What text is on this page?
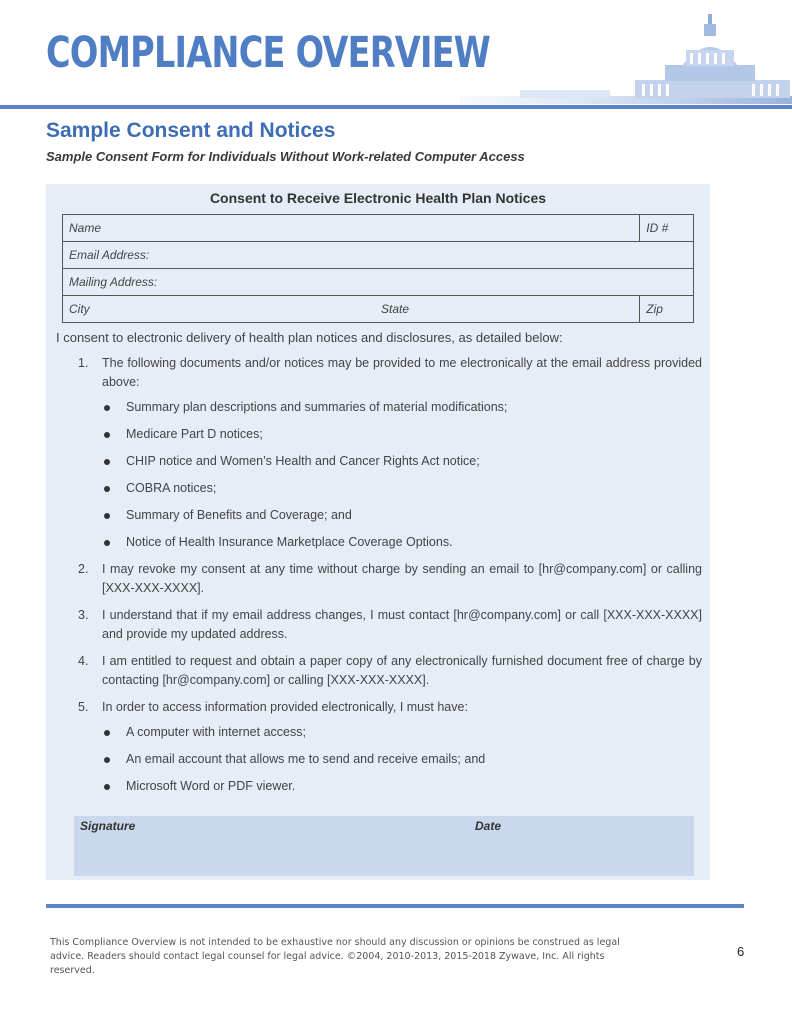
COMPLIANCE OVERVIEW
Sample Consent and Notices

Sample Consent Form for Individuals Without Work-related Computer Access

Consent to Receive Electronic Health Plan Notices
Name		ID #
Email Address:		
Mailing Address:		
City	State	Zip

I consent to electronic delivery of health plan notices and disclosures, as detailed below:

1. The following documents and/or notices may be provided to me electronically at the email address provided above:
Summary plan descriptions and summaries of material modifications;
Medicare Part D notices;
CHIP notice and Women’s Health and Cancer Rights Act notice;
COBRA notices;
Summary of Benefits and Coverage; and
Notice of Health Insurance Marketplace Coverage Options.
2. I may revoke my consent at any time without charge by sending an email to [hr@company.com] or calling [XXX-XXX-XXXX].
3. I understand that if my email address changes, I must contact [hr@company.com] or call [XXX-XXX-XXXX] and provide my updated address.
4. I am entitled to request and obtain a paper copy of any electronically furnished document free of charge by contacting [hr@company.com] or calling [XXX-XXX-XXXX].
5. In order to access information provided electronically, I must have:
A computer with internet access;
An email account that allows me to send and receive emails; and
Microsoft Word or PDF viewer.
Signature	Date

This Compliance Overview is not intended to be exhaustive nor should any discussion or opinions be construed as legal advice. Readers should contact legal counsel for legal advice. ©2004, 2010-2013, 2015-2018 Zywave, Inc. All rights reserved.

6
